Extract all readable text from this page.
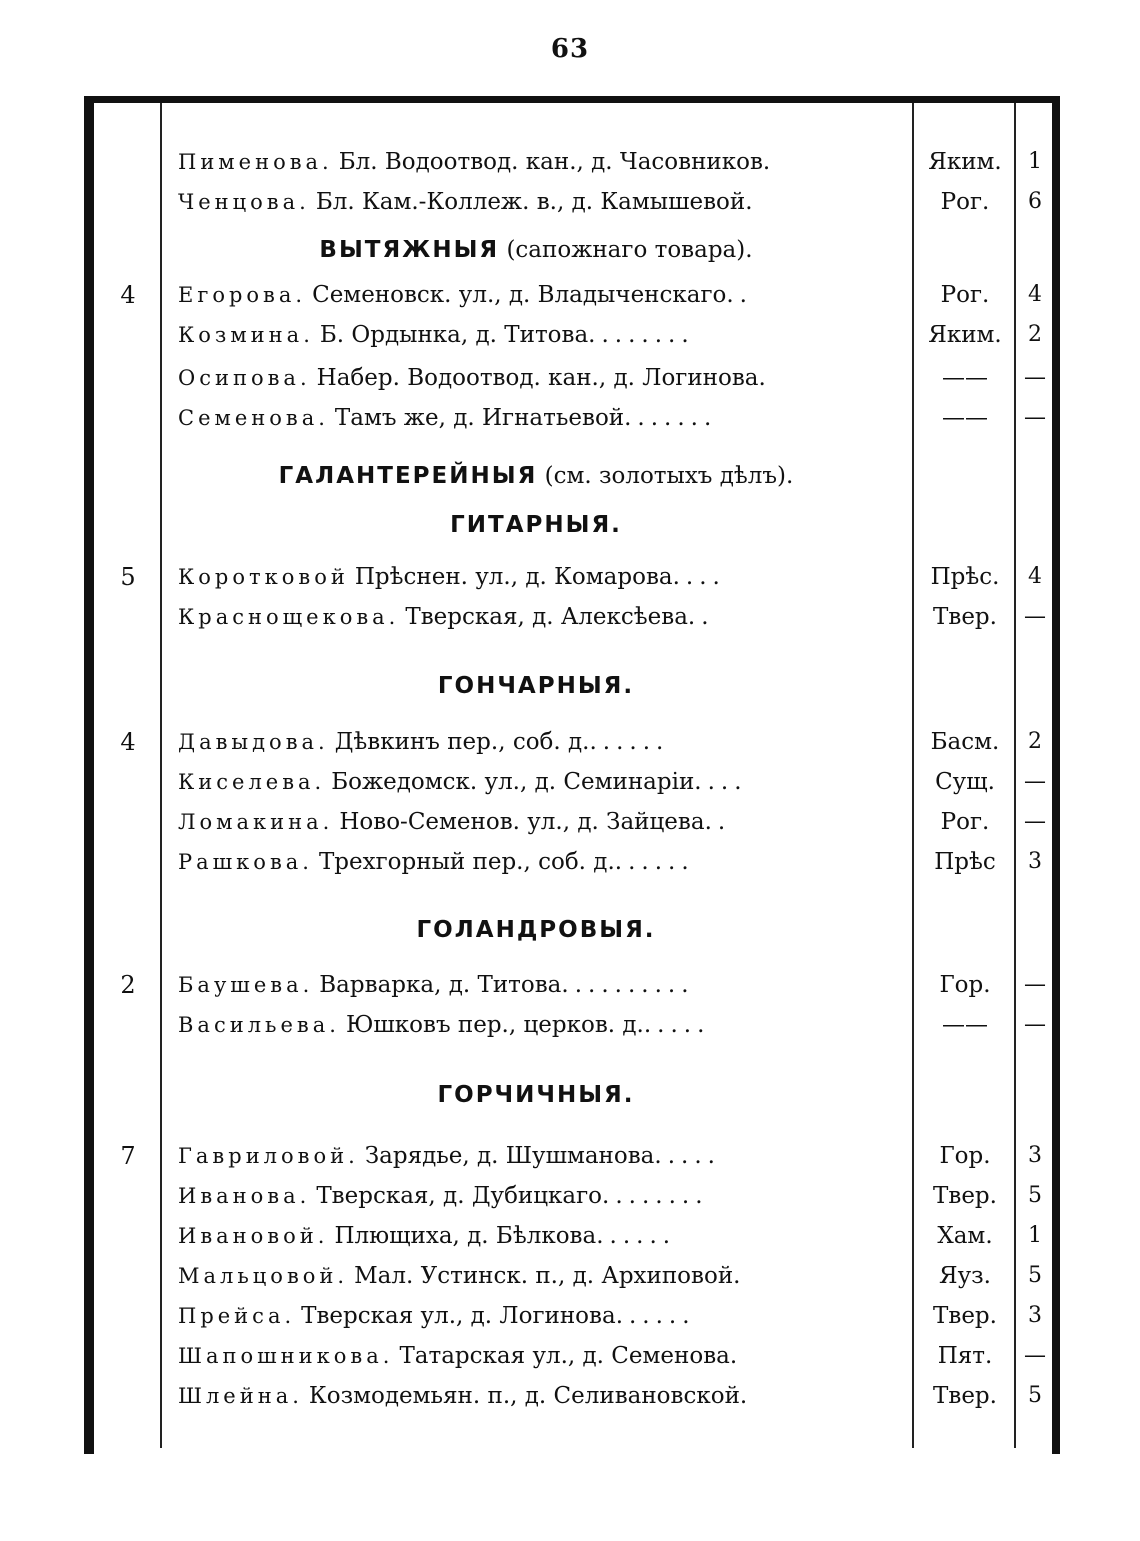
63
Пименова. Бл. Водоотвод. кан., д. Часовников.	Яким.	1
Ченцова. Бл. Кам.-Коллеж. в., д. Камышевой.	Рог.	6
ВЫТЯЖНЫЯ (сапожнаго товара).
4	Егорова. Семеновск. ул., д. Владыченскаго..	Рог.	4
Козмина. Б. Ордынка, д. Титова........	Яким.	2
Осипова. Набер. Водоотвод. кан., д. Логинова.	——	—
Семенова. Тамъ же, д. Игнатьевой.......	——	—
ГАЛАНТЕРЕЙНЫЯ (см. золотыхъ дѣлъ).
ГИТАРНЫЯ.
5	Коротковой Прѣснен. ул., д. Комарова....	Прѣс.	4
Краснощекова. Тверская, д. Алексѣева..	Твер.	—
ГОНЧАРНЫЯ.
4	Давыдова. Дѣвкинъ пер., соб. д.......	Басм.	2
Киселева. Божедомск. ул., д. Семинаріи....	Сущ.	—
Ломакина. Ново-Семенов. ул., д. Зайцева..	Рог.	—
Рашкова. Трехгорный пер., соб. д.......	Прѣс	3
ГОЛАНДРОВЫЯ.
2	Баушева. Варварка, д. Титова..........	Гор.	—
Васильева. Юшковъ пер., церков. д......	——	—
ГОРЧИЧНЫЯ.
7	Гавриловой. Зарядье, д. Шушманова.....	Гор.	3
Иванова. Тверская, д. Дубицкаго........	Твер.	5
Ивановой. Плющиха, д. Бѣлкова......	Хам.	1
Мальцовой. Мал. Устинск. п., д. Архиповой.	Яуз.	5
Прейса. Тверская ул., д. Логинова......	Твер.	3
Шапошникова. Татарская ул., д. Семенова.	Пят.	—
Шлейна. Козмодемьян. п., д. Селивановской.	Твер.	5
